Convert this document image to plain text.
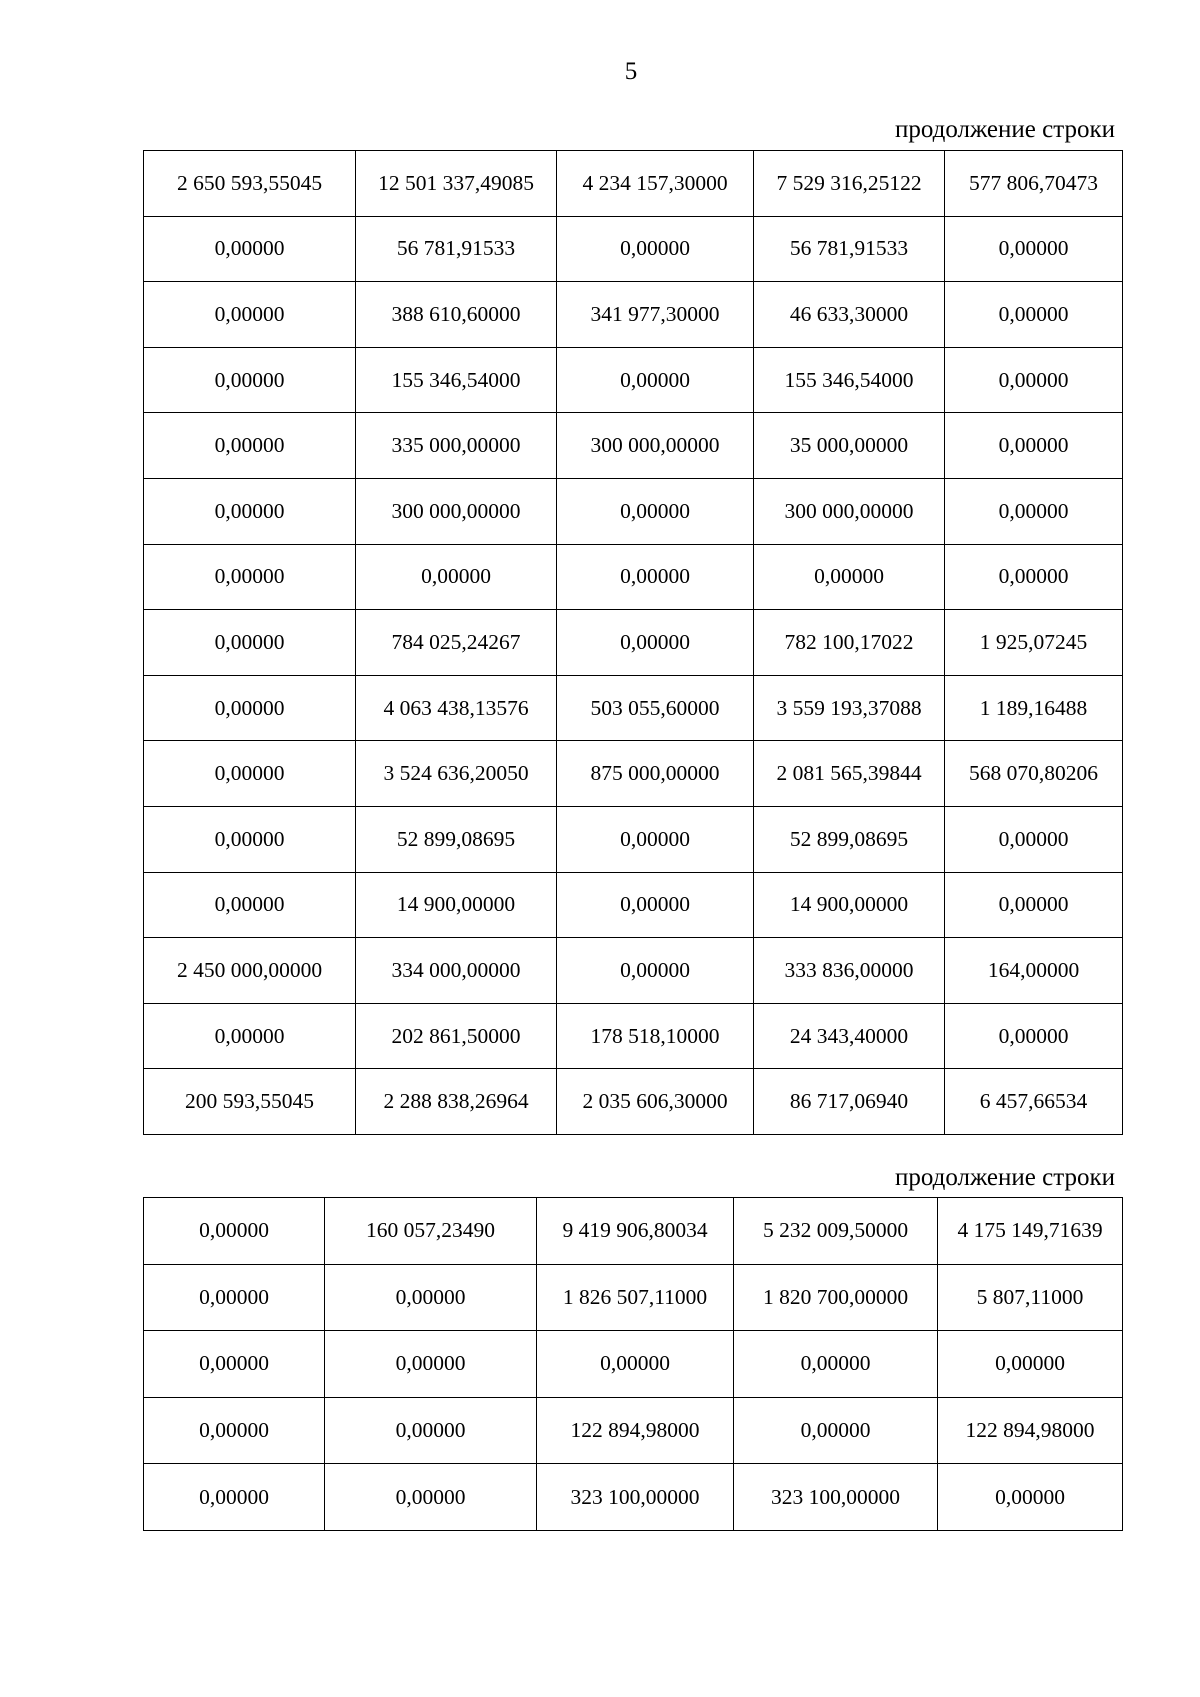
5
продолжение строки
2 650 593,55045	12 501 337,49085	4 234 157,30000	7 529 316,25122	577 806,70473
0,00000	56 781,91533	0,00000	56 781,91533	0,00000
0,00000	388 610,60000	341 977,30000	46 633,30000	0,00000
0,00000	155 346,54000	0,00000	155 346,54000	0,00000
0,00000	335 000,00000	300 000,00000	35 000,00000	0,00000
0,00000	300 000,00000	0,00000	300 000,00000	0,00000
0,00000	0,00000	0,00000	0,00000	0,00000
0,00000	784 025,24267	0,00000	782 100,17022	1 925,07245
0,00000	4 063 438,13576	503 055,60000	3 559 193,37088	1 189,16488
0,00000	3 524 636,20050	875 000,00000	2 081 565,39844	568 070,80206
0,00000	52 899,08695	0,00000	52 899,08695	0,00000
0,00000	14 900,00000	0,00000	14 900,00000	0,00000
2 450 000,00000	334 000,00000	0,00000	333 836,00000	164,00000
0,00000	202 861,50000	178 518,10000	24 343,40000	0,00000
200 593,55045	2 288 838,26964	2 035 606,30000	86 717,06940	6 457,66534
продолжение строки
0,00000	160 057,23490	9 419 906,80034	5 232 009,50000	4 175 149,71639
0,00000	0,00000	1 826 507,11000	1 820 700,00000	5 807,11000
0,00000	0,00000	0,00000	0,00000	0,00000
0,00000	0,00000	122 894,98000	0,00000	122 894,98000
0,00000	0,00000	323 100,00000	323 100,00000	0,00000
